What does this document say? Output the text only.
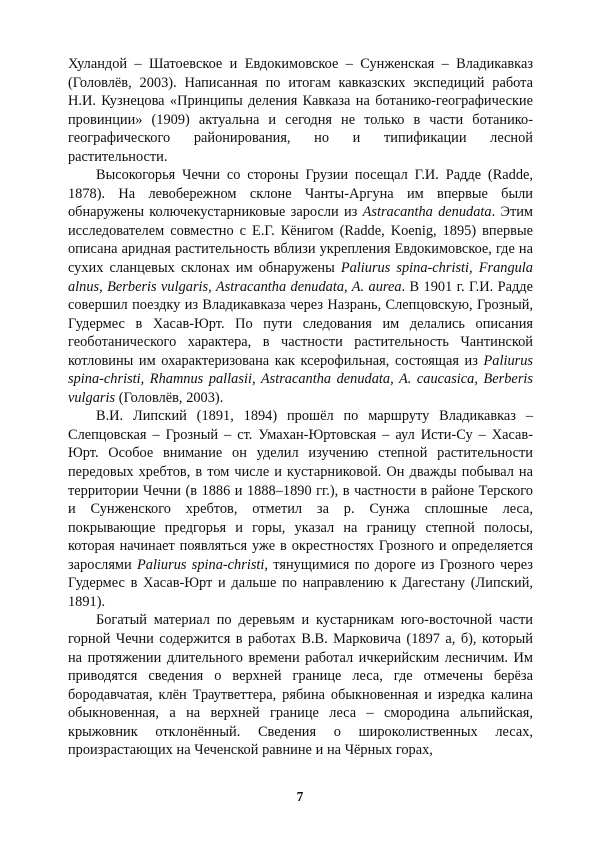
Хуландой – Шатоевское и Евдокимовское – Сунженская – Владикавказ (Головлёв, 2003). Написанная по итогам кавказских экспедиций работа Н.И. Кузнецова «Принципы деления Кавказа на ботанико-географические провинции» (1909) актуальна и сегодня не только в части ботанико-географического районирования, но и типификации лесной растительности.

Высокогорья Чечни со стороны Грузии посещал Г.И. Радде (Radde, 1878). На левобережном склоне Чанты-Аргуна им впервые были обнаружены колючекустарниковые заросли из Astracantha denudata. Этим исследователем совместно с Е.Г. Кёнигом (Radde, Koenig, 1895) впервые описана аридная растительность вблизи укрепления Евдокимовское, где на сухих сланцевых склонах им обнаружены Paliurus spina-christi, Frangula alnus, Berberis vulgaris, Astracantha denudata, A. aurea. В 1901 г. Г.И. Радде совершил поездку из Владикавказа через Назрань, Слепцовскую, Грозный, Гудермес в Хасав-Юрт. По пути следования им делались описания геоботанического характера, в частности растительность Чантинской котловины им охарактеризована как ксерофильная, состоящая из Paliurus spina-christi, Rhamnus pallasii, Astracantha denudata, A. caucasica, Berberis vulgaris (Головлёв, 2003).

В.И. Липский (1891, 1894) прошёл по маршруту Владикавказ – Слепцовская – Грозный – ст. Умахан-Юртовская – аул Исти-Су – Хасав-Юрт. Особое внимание он уделил изучению степной растительности передовых хребтов, в том числе и кустарниковой. Он дважды побывал на территории Чечни (в 1886 и 1888–1890 гг.), в частности в районе Терского и Сунженского хребтов, отметил за р. Сунжа сплошные леса, покрывающие предгорья и горы, указал на границу степной полосы, которая начинает появляться уже в окрестностях Грозного и определяется зарослями Paliurus spina-christi, тянущимися по дороге из Грозного через Гудермес в Хасав-Юрт и дальше по направлению к Дагестану (Липский, 1891).

Богатый материал по деревьям и кустарникам юго-восточной части горной Чечни содержится в работах В.В. Марковича (1897 а, б), который на протяжении длительного времени работал ичкерийским лесничим. Им приводятся сведения о верхней границе леса, где отмечены берёза бородавчатая, клён Траутветтера, рябина обыкновенная и изредка калина обыкновенная, а на верхней границе леса – смородина альпийская, крыжовник отклонённый. Сведения о широколиственных лесах, произрастающих на Чеченской равнине и на Чёрных горах,

7
